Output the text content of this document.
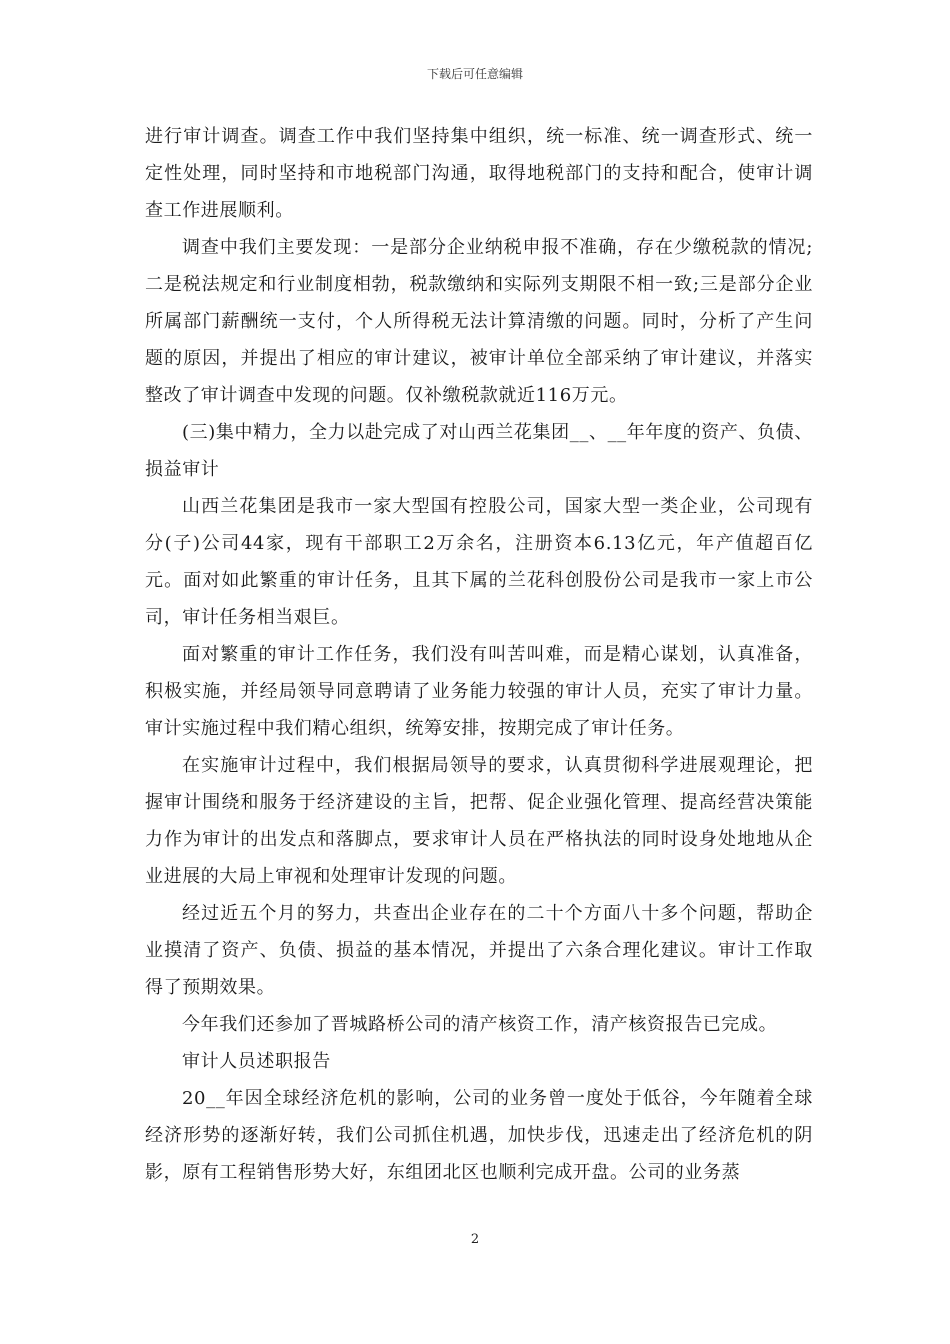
下载后可任意编辑

进行审计调查。调查工作中我们坚持集中组织，统一标准、统一调查形式、统一定性处理，同时坚持和市地税部门沟通，取得地税部门的支持和配合，使审计调查工作进展顺利。

调查中我们主要发现：一是部分企业纳税申报不准确，存在少缴税款的情况;二是税法规定和行业制度相勃，税款缴纳和实际列支期限不相一致;三是部分企业所属部门薪酬统一支付，个人所得税无法计算清缴的问题。同时，分析了产生问题的原因，并提出了相应的审计建议，被审计单位全部采纳了审计建议，并落实整改了审计调查中发现的问题。仅补缴税款就近116万元。

(三)集中精力，全力以赴完成了对山西兰花集团__、__年年度的资产、负债、损益审计

山西兰花集团是我市一家大型国有控股公司，国家大型一类企业，公司现有分(子)公司44家，现有干部职工2万余名，注册资本6.13亿元，年产值超百亿元。面对如此繁重的审计任务，且其下属的兰花科创股份公司是我市一家上市公司，审计任务相当艰巨。

面对繁重的审计工作任务，我们没有叫苦叫难，而是精心谋划，认真准备，积极实施，并经局领导同意聘请了业务能力较强的审计人员，充实了审计力量。审计实施过程中我们精心组织，统筹安排，按期完成了审计任务。

在实施审计过程中，我们根据局领导的要求，认真贯彻科学进展观理论，把握审计围绕和服务于经济建设的主旨，把帮、促企业强化管理、提高经营决策能力作为审计的出发点和落脚点，要求审计人员在严格执法的同时设身处地地从企业进展的大局上审视和处理审计发现的问题。

经过近五个月的努力，共查出企业存在的二十个方面八十多个问题，帮助企业摸清了资产、负债、损益的基本情况，并提出了六条合理化建议。审计工作取得了预期效果。

今年我们还参加了晋城路桥公司的清产核资工作，清产核资报告已完成。

审计人员述职报告

20__年因全球经济危机的影响，公司的业务曾一度处于低谷，今年随着全球经济形势的逐渐好转，我们公司抓住机遇，加快步伐，迅速走出了经济危机的阴影，原有工程销售形势大好，东组团北区也顺利完成开盘。公司的业务蒸

2
